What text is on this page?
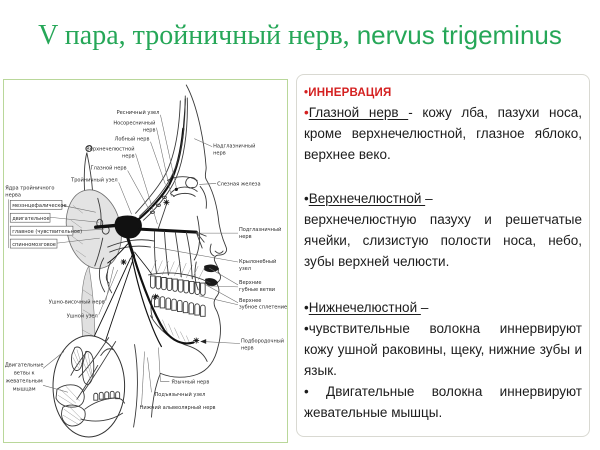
V пара, тройничный нерв, nervus trigeminus
мезэнцефалическое
двигательное
главное (чувствительное)
спинномозговое
Ресничный узел
Носоресничный
нерв
Лобный нерв
Верхнечелюстной
нерв
Глазной нерв
Тройничный узел
Ядра тройничного
нерва
Ушно-височный нерв
Ушной узел
Двигательные
ветвы к
жевательным
мышцам
Надглазничный
нерв
Слезная железа
Подглазничный
нерв
Крылонебный
узел
Верхние
губные ветви
Верхнее
зубное сплетение
Подбородочный
нерв
Язычный нерв
Подъязычный узел
Нижний альвеолярный нерв

•ИННЕРВАЦИЯ

•Глазной нерв - кожу лба, пазухи носа, кроме верхнечелюстной, глазное яблоко, верхнее веко.

•Верхнечелюстной –

верхнечелюстную пазуху и решетчатые ячейки, слизистую полости носа, небо, зубы верхней челюсти.

•Нижнечелюстной –

•чувствительные волокна иннервируют кожу ушной раковины, щеку, нижние зубы и язык.

• Двигательные волокна иннервируют жевательные мышцы.
